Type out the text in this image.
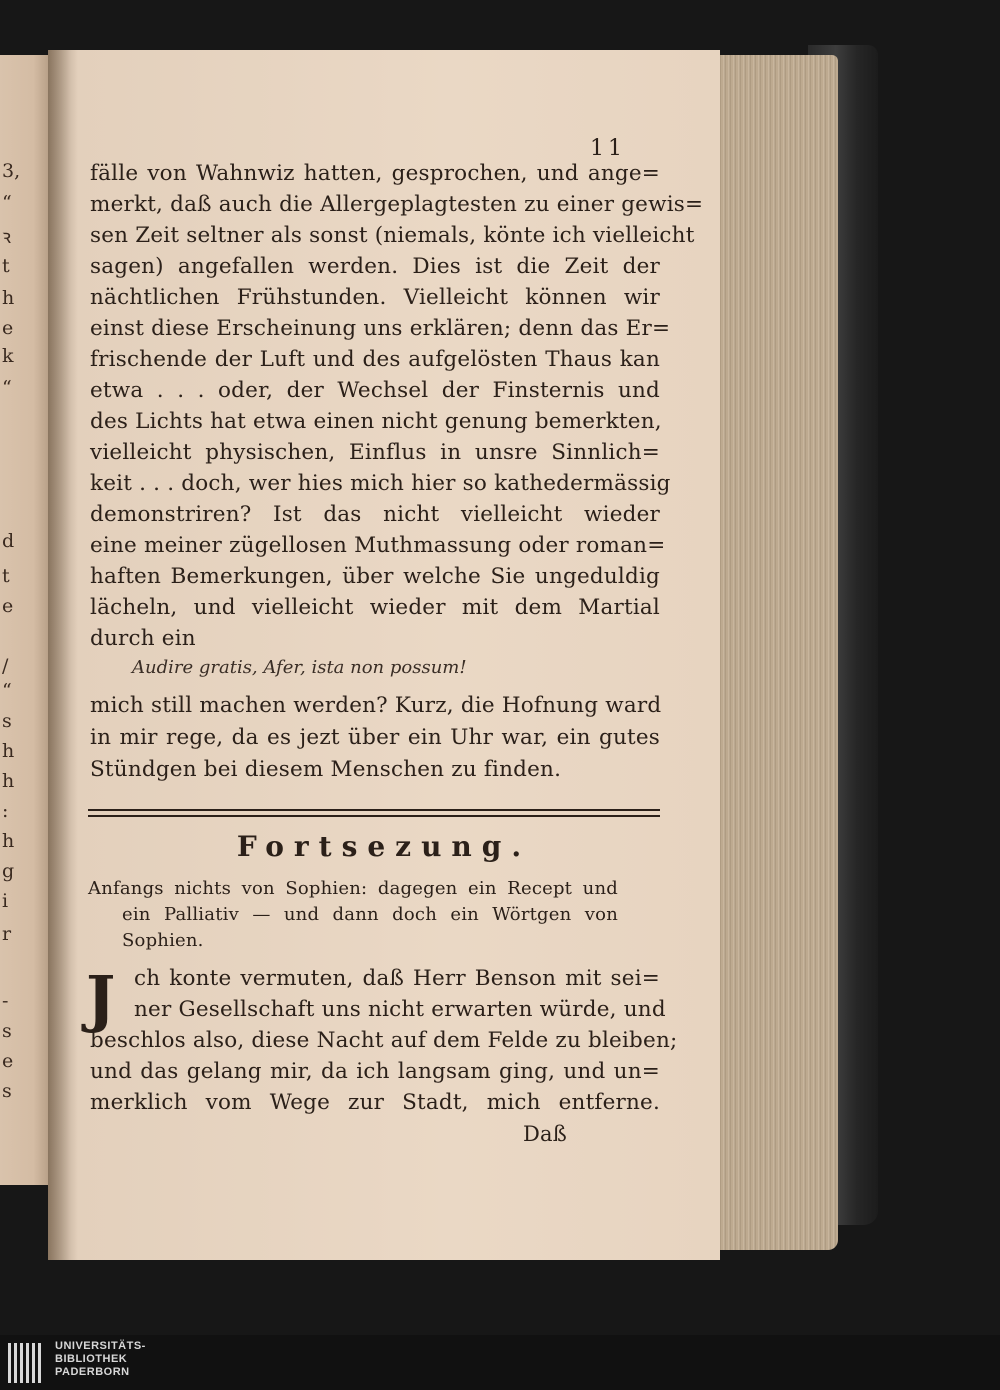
3,
“
ꝛ
t
h
e
k
“
d
t
e
/
“
s
h
h
:
h
g
i
r
-
s
e
s
11
fälle von Wahnwiz hatten, gesprochen, und ange=
merkt, daß auch die Allergeplagtesten zu einer gewis=
sen Zeit seltner als sonst (niemals, könte ich vielleicht
sagen) angefallen werden. Dies ist die Zeit der
nächtlichen Frühstunden. Vielleicht können wir
einst diese Erscheinung uns erklären; denn das Er=
frischende der Luft und des aufgelösten Thaus kan
etwa . . . oder, der Wechsel der Finsternis und
des Lichts hat etwa einen nicht genung bemerkten,
vielleicht physischen, Einflus in unsre Sinnlich=
keit . . . doch, wer hies mich hier so kathedermässig
demonstriren? Ist das nicht vielleicht wieder
eine meiner zügellosen Muthmassung oder roman=
haften Bemerkungen, über welche Sie ungeduldig
lächeln, und vielleicht wieder mit dem Martial
durch ein
Audire gratis, Afer, ista non possum!
mich still machen werden? Kurz, die Hofnung ward
in mir rege, da es jezt über ein Uhr war, ein gutes
Stündgen bei diesem Menschen zu finden.
Fortsezung.
Anfangs nichts von Sophien: dagegen ein Recept und
ein Palliativ — und dann doch ein Wörtgen von
Sophien.
J ch konte vermuten, daß Herr Benson mit sei=
ner Gesellschaft uns nicht erwarten würde, und
beschlos also, diese Nacht auf dem Felde zu bleiben;
und das gelang mir, da ich langsam ging, und un=
merklich vom Wege zur Stadt, mich entferne.
Daß
UNIVERSITÄTS-
BIBLIOTHEK
PADERBORN
